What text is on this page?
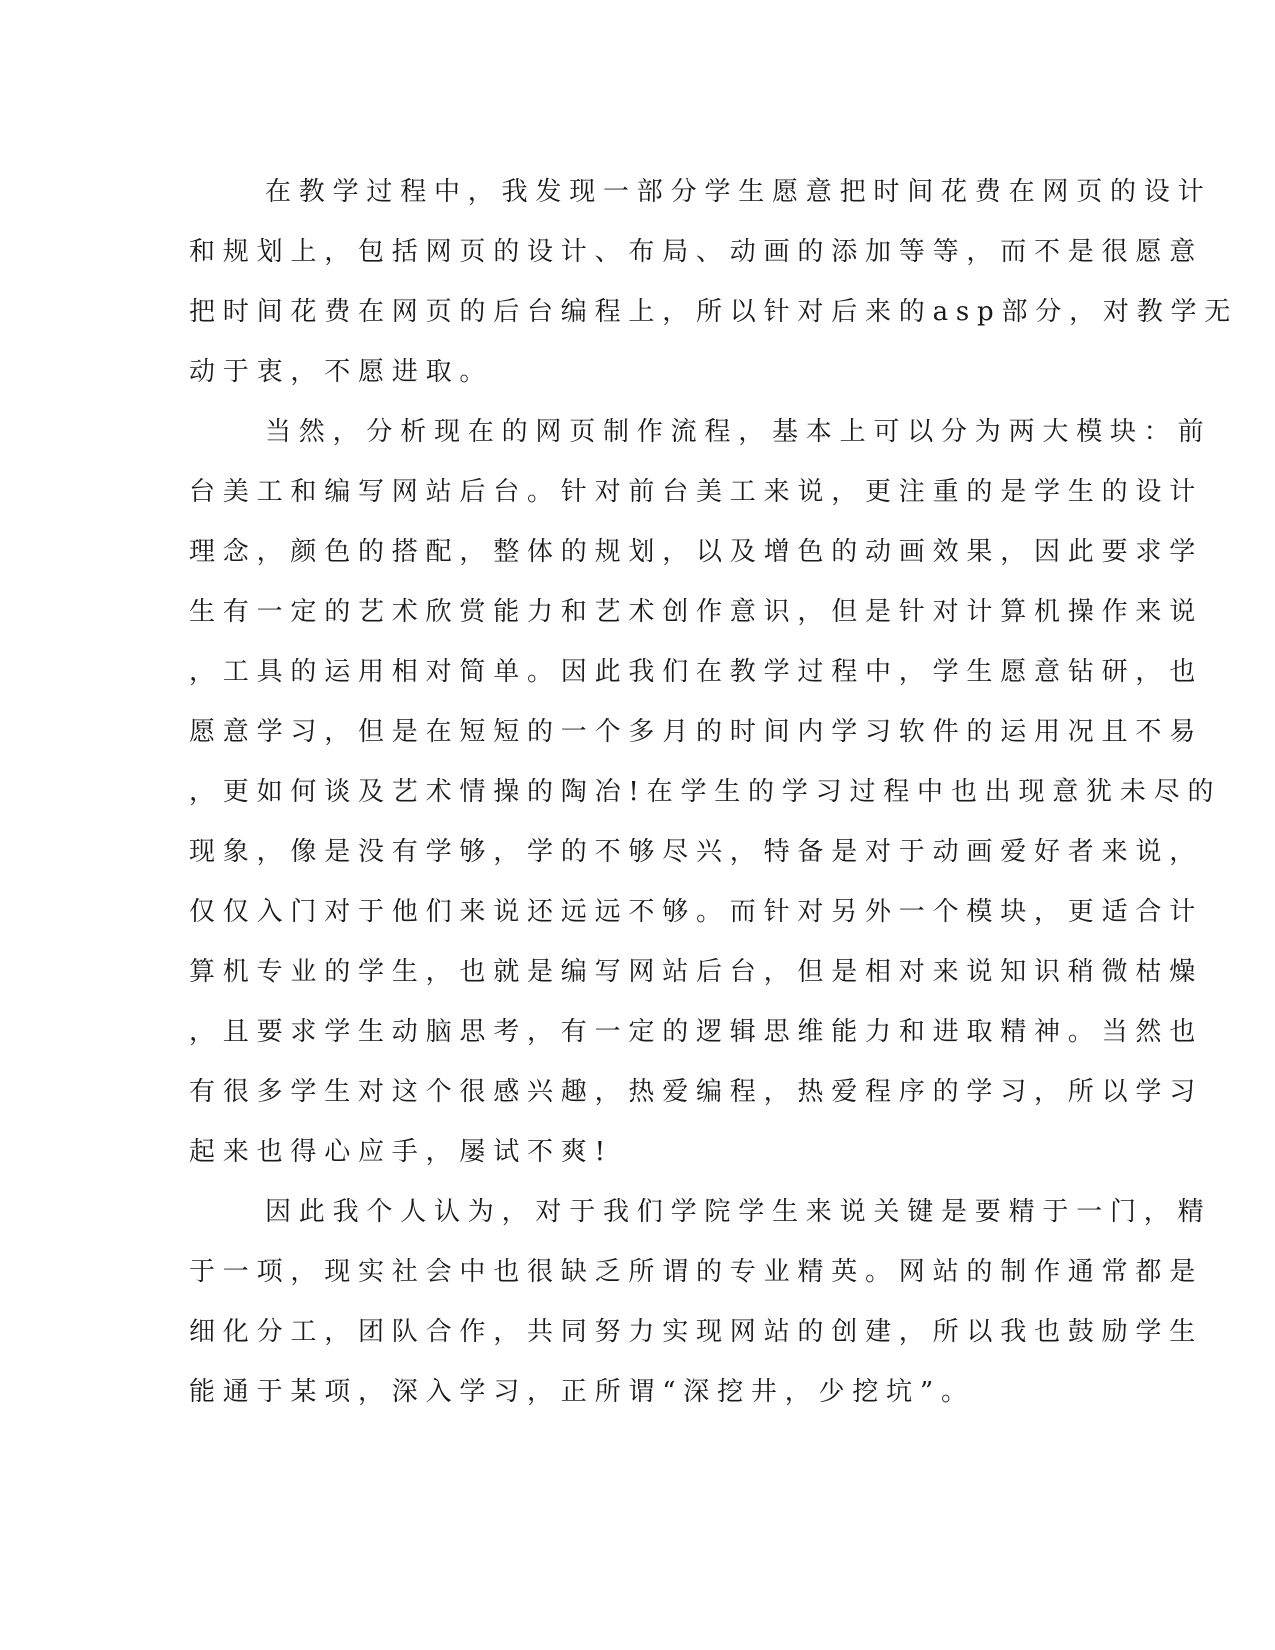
在教学过程中，我发现一部分学生愿意把时间花费在网页的设计
和规划上，包括网页的设计、布局、动画的添加等等，而不是很愿意
把时间花费在网页的后台编程上，所以针对后来的asp部分，对教学无
动于衷，不愿进取。
当然，分析现在的网页制作流程，基本上可以分为两大模块：前
台美工和编写网站后台。针对前台美工来说，更注重的是学生的设计
理念，颜色的搭配，整体的规划，以及增色的动画效果，因此要求学
生有一定的艺术欣赏能力和艺术创作意识，但是针对计算机操作来说
，工具的运用相对简单。因此我们在教学过程中，学生愿意钻研，也
愿意学习，但是在短短的一个多月的时间内学习软件的运用况且不易
，更如何谈及艺术情操的陶冶!在学生的学习过程中也出现意犹未尽的
现象，像是没有学够，学的不够尽兴，特备是对于动画爱好者来说，
仅仅入门对于他们来说还远远不够。而针对另外一个模块，更适合计
算机专业的学生，也就是编写网站后台，但是相对来说知识稍微枯燥
，且要求学生动脑思考，有一定的逻辑思维能力和进取精神。当然也
有很多学生对这个很感兴趣，热爱编程，热爱程序的学习，所以学习
起来也得心应手，屡试不爽!
因此我个人认为，对于我们学院学生来说关键是要精于一门，精
于一项，现实社会中也很缺乏所谓的专业精英。网站的制作通常都是
细化分工，团队合作，共同努力实现网站的创建，所以我也鼓励学生
能通于某项，深入学习，正所谓“深挖井，少挖坑”。
